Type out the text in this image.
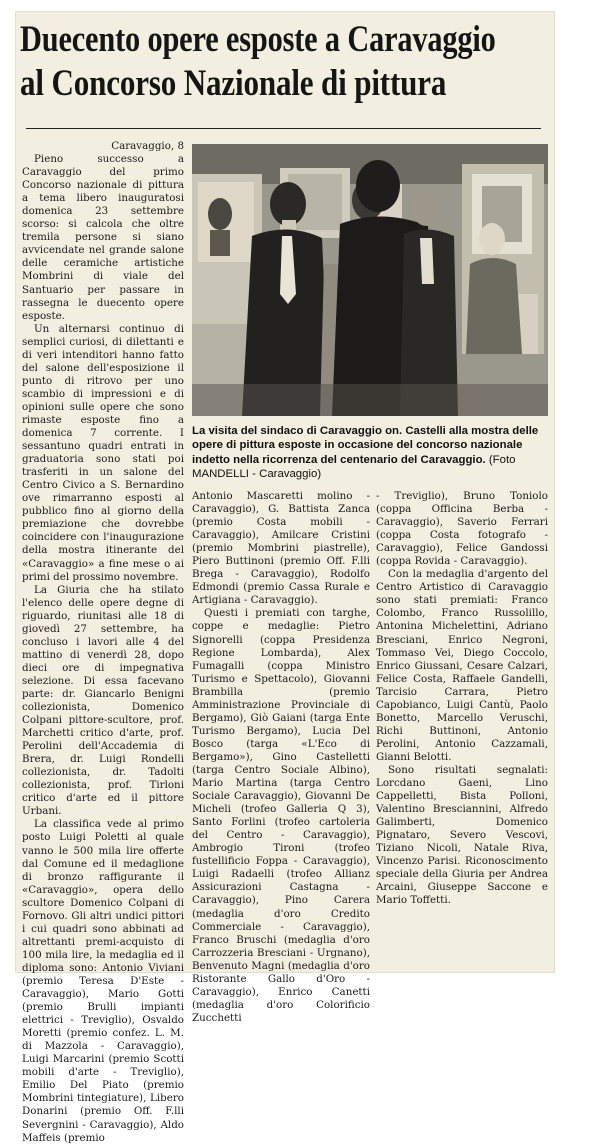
Duecento opere esposte a Caravaggio
al Concorso Nazionale di pittura
Caravaggio, 8

Pieno successo a Caravaggio del primo Concorso nazionale di pittura a tema libero inauguratosi domenica 23 settembre scorso: si calcola che oltre tremila persone si siano avvicendate nel grande salone delle ceramiche artistiche Mombrini di viale del Santuario per passare in rassegna le duecento opere esposte.

Un alternarsi continuo di semplici curiosi, di dilettanti e di veri intenditori hanno fatto del salone dell'esposizione il punto di ritrovo per uno scambio di impressioni e di opinioni sulle opere che sono rimaste esposte fino a domenica 7 corrente. I sessantuno quadri entrati in graduatoria sono stati poi trasferiti in un salone del Centro Civico a S. Bernardino ove rimarranno esposti al pubblico fino al giorno della premiazione che dovrebbe coincidere con l'inaugurazione della mostra itinerante del «Caravaggio» a fine mese o ai primi del prossimo novembre.

La Giuria che ha stilato l'elenco delle opere degne di riguardo, riunitasi alle 18 di giovedì 27 settembre, ha concluso i lavori alle 4 del mattino di venerdì 28, dopo dieci ore di impegnativa selezione. Di essa facevano parte: dr. Giancarlo Benigni collezionista, Domenico Colpani pittore-scultore, prof. Marchetti critico d'arte, prof. Perolini dell'Accademia di Brera, dr. Luigi Rondelli collezionista, dr. Tadolti collezionista, prof. Tirloni critico d'arte ed il pittore Urbani.

La classifica vede al primo posto Luigi Poletti al quale vanno le 500 mila lire offerte dal Comune ed il medaglione di bronzo raffigurante il «Caravaggio», opera dello scultore Domenico Colpani di Fornovo. Gli altri undici pittori i cui quadri sono abbinati ad altrettanti premi-acquisto di 100 mila lire, la medaglia ed il diploma sono: Antonio Viviani (premio Teresa D'Este - Caravaggio), Mario Gotti (premio Brulli impianti elettrici - Treviglio), Osvaldo Moretti (premio confez. L. M. di Mazzola - Caravaggio), Luigi Marcarini (premio Scotti mobili d'arte - Treviglio), Emilio Del Piato (premio Mombrini tintegiature), Libero Donarini (premio Off. F.lli Severgnini - Caravaggio), Aldo Maffeis (premio

La visita del sindaco di Caravaggio on. Castelli alla mostra delle opere di pittura esposte in occasione del concorso nazionale indetto nella ricorrenza del centenario del Caravaggio. (Foto MANDELLI - Caravaggio)

Antonio Mascaretti molino - Caravaggio), G. Battista Zanca (premio Costa mobili - Caravaggio), Amilcare Cristini (premio Mombrini piastrelle), Piero Buttinoni (premio Off. F.lli Brega - Caravaggio), Rodolfo Edmondi (premio Cassa Rurale e Artigiana - Caravaggio).

Questi i premiati con targhe, coppe e medaglie: Pietro Signorelli (coppa Presidenza Regione Lombarda), Alex Fumagalli (coppa Ministro Turismo e Spettacolo), Giovanni Brambilla (premio Amministrazione Provinciale di Bergamo), Giò Gaiani (targa Ente Turismo Bergamo), Lucia Del Bosco (targa «L'Eco di Bergamo»), Gino Castelletti (targa Centro Sociale Albino), Mario Martina (targa Centro Sociale Caravaggio), Giovanni De Micheli (trofeo Galleria Q 3), Santo Forlini (trofeo cartoleria del Centro - Caravaggio), Ambrogio Tironi (trofeo fustellificio Foppa - Caravaggio), Luigi Radaelli (trofeo Allianz Assicurazioni Castagna - Caravaggio), Pino Carera (medaglia d'oro Credito Commerciale - Caravaggio), Franco Bruschi (medaglia d'oro Carrozzeria Bresciani - Urgnano), Benvenuto Magni (medaglia d'oro Ristorante Gallo d'Oro - Caravaggio), Enrico Canetti (medaglia d'oro Colorificio Zucchetti

- Treviglio), Bruno Toniolo (coppa Officina Berba - Caravaggio), Saverio Ferrari (coppa Costa fotografo - Caravaggio), Felice Gandossi (coppa Rovida - Caravaggio).

Con la medaglia d'argento del Centro Artistico di Caravaggio sono stati premiati: Franco Colombo, Franco Russolillo, Antonina Michelettini, Adriano Bresciani, Enrico Negroni, Tommaso Vei, Diego Coccolo, Enrico Giussani, Cesare Calzari, Felice Costa, Raffaele Gandelli, Tarcisio Carrara, Pietro Capobianco, Luigi Cantù, Paolo Bonetto, Marcello Veruschi, Richi Buttinoni, Antonio Perolini, Antonio Cazzamali, Gianni Belotti.

Sono risultati segnalati: Lorcdano Gaeni, Lino Cappelletti, Bista Polloni, Valentino Bresciannini, Alfredo Galimberti, Domenico Pignataro, Severo Vescovi, Tiziano Nicoli, Natale Riva, Vincenzo Parisi. Riconoscimento speciale della Giuria per Andrea Arcaini, Giuseppe Saccone e Mario Toffetti.
